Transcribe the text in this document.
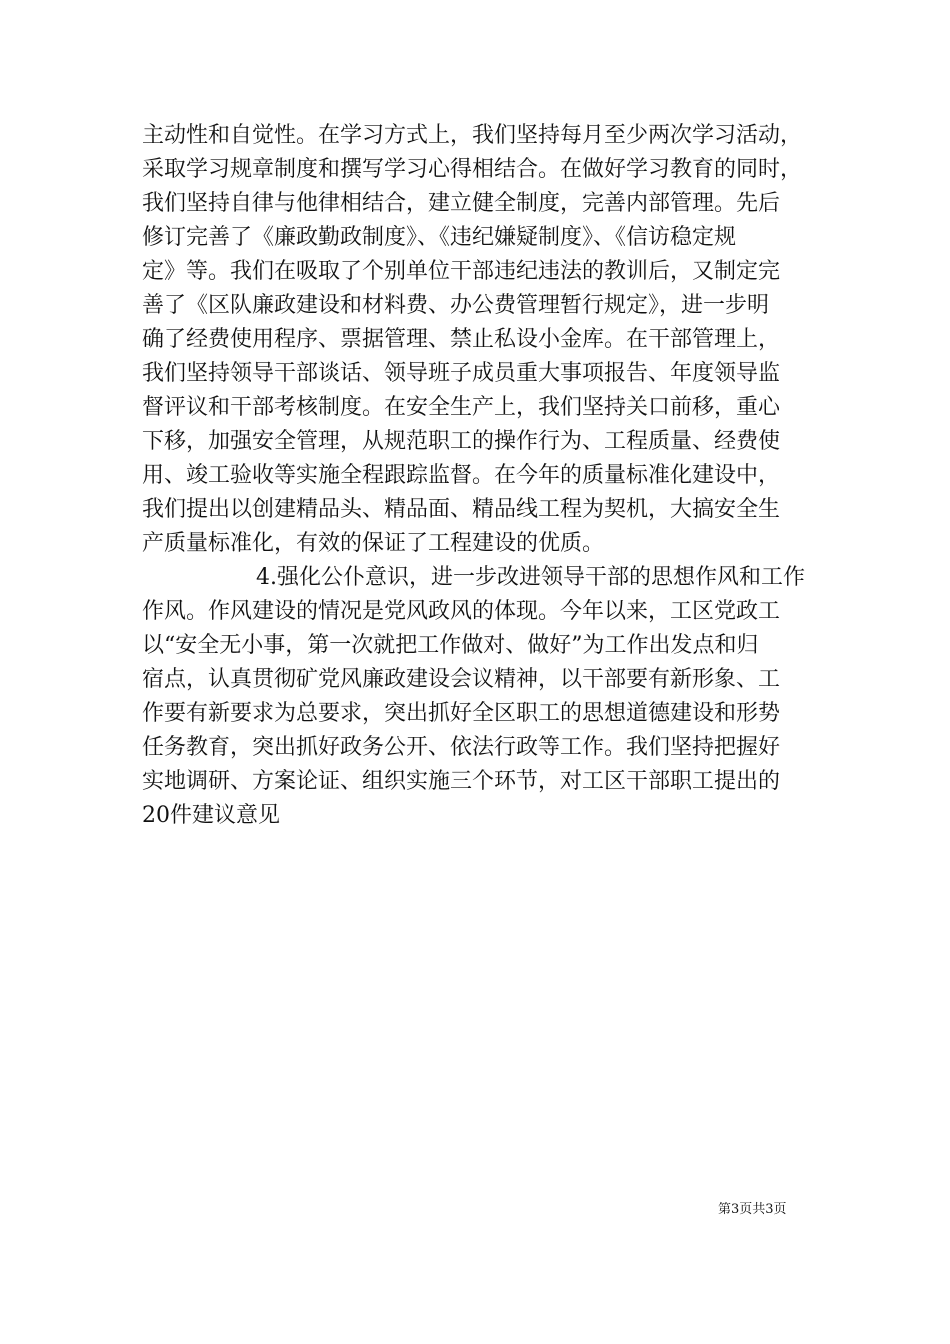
主动性和自觉性。在学习方式上，我们坚持每月至少两次学习活动，
采取学习规章制度和撰写学习心得相结合。在做好学习教育的同时，
我们坚持自律与他律相结合，建立健全制度，完善内部管理。先后
修订完善了《廉政勤政制度》、《违纪嫌疑制度》、《信访稳定规
定》等。我们在吸取了个别单位干部违纪违法的教训后，又制定完
善了《区队廉政建设和材料费、办公费管理暂行规定》，进一步明
确了经费使用程序、票据管理、禁止私设小金库。在干部管理上，
我们坚持领导干部谈话、领导班子成员重大事项报告、年度领导监
督评议和干部考核制度。在安全生产上，我们坚持关口前移，重心
下移，加强安全管理，从规范职工的操作行为、工程质量、经费使
用、竣工验收等实施全程跟踪监督。在今年的质量标准化建设中，
我们提出以创建精品头、精品面、精品线工程为契机，大搞安全生
产质量标准化，有效的保证了工程建设的优质。
4.强化公仆意识，进一步改进领导干部的思想作风和工作
作风。作风建设的情况是党风政风的体现。今年以来，工区党政工
以“安全无小事，第一次就把工作做对、做好”为工作出发点和归
宿点，认真贯彻矿党风廉政建设会议精神，以干部要有新形象、工
作要有新要求为总要求，突出抓好全区职工的思想道德建设和形势
任务教育，突出抓好政务公开、依法行政等工作。我们坚持把握好
实地调研、方案论证、组织实施三个环节，对工区干部职工提出的
20件建议意见
第3页共3页
